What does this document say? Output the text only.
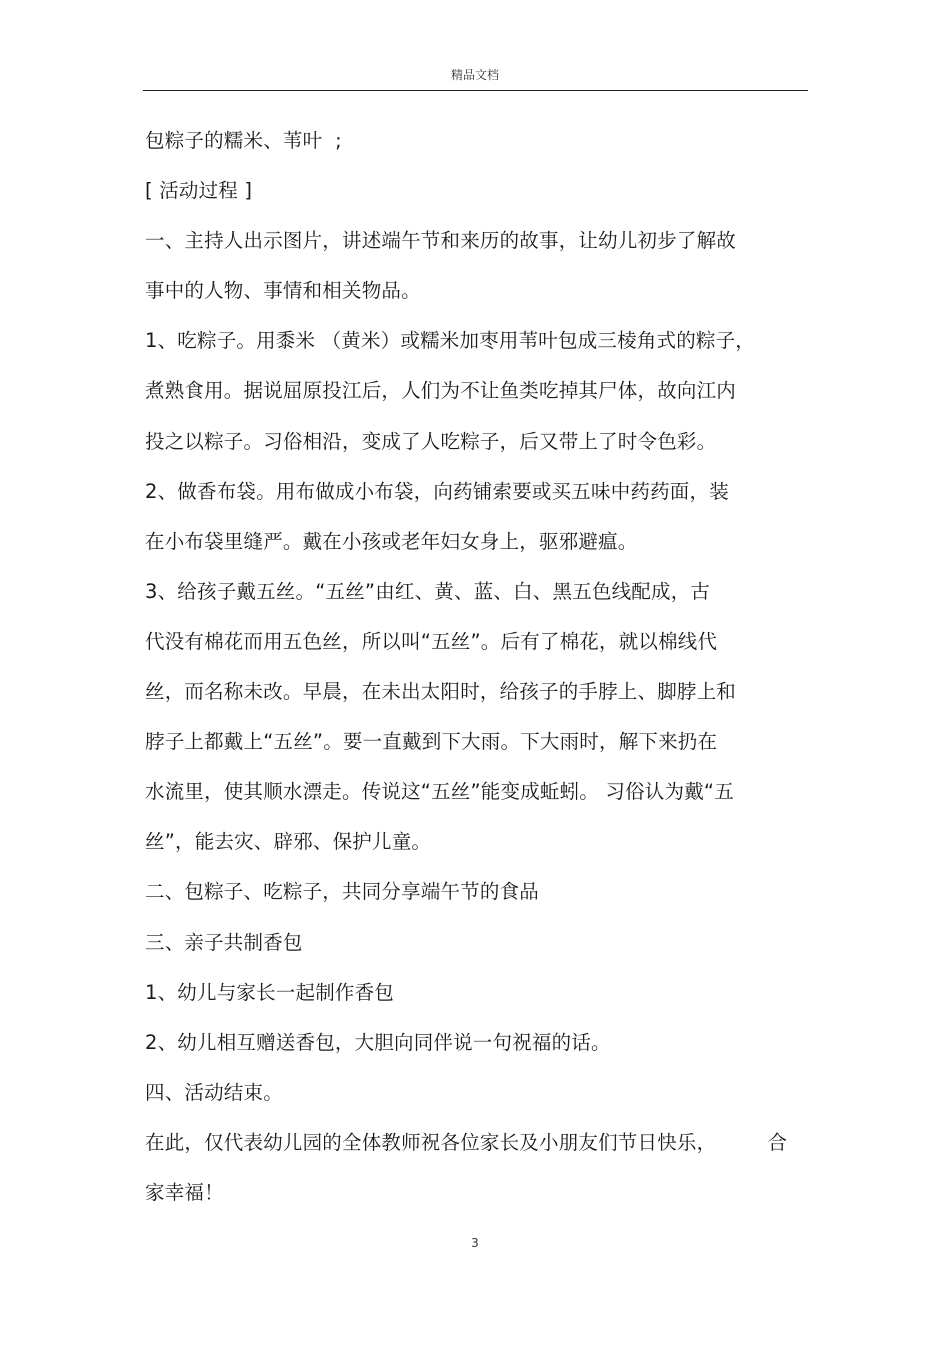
精品文档
包粽子的糯米、苇叶  ;
[ 活动过程 ]
一、主持人出示图片，讲述端午节和来历的故事，让幼儿初步了解故
事中的人物、事情和相关物品。
1、吃粽子。用黍米 （黄米）或糯米加枣用苇叶包成三棱角式的粽子，
煮熟食用。据说屈原投江后，人们为不让鱼类吃掉其尸体，故向江内
投之以粽子。习俗相沿，变成了人吃粽子，后又带上了时令色彩。
2、做香布袋。用布做成小布袋，向药铺索要或买五味中药药面，装
在小布袋里缝严。戴在小孩或老年妇女身上，驱邪避瘟。
3、给孩子戴五丝。“五丝”由红、黄、蓝、白、黑五色线配成，古
代没有棉花而用五色丝，所以叫“五丝”。后有了棉花，就以棉线代
丝，而名称未改。早晨，在未出太阳时，给孩子的手脖上、脚脖上和
脖子上都戴上“五丝”。要一直戴到下大雨。下大雨时，解下来扔在
水流里，使其顺水漂走。传说这“五丝”能变成蚯蚓。 习俗认为戴“五
丝”，能去灾、辟邪、保护儿童。
二、包粽子、吃粽子，共同分享端午节的食品
三、亲子共制香包
1、幼儿与家长一起制作香包
2、幼儿相互赠送香包，大胆向同伴说一句祝福的话。
四、活动结束。
在此，仅代表幼儿园的全体教师祝各位家长及小朋友们节日快乐，        合
家幸福！
3
